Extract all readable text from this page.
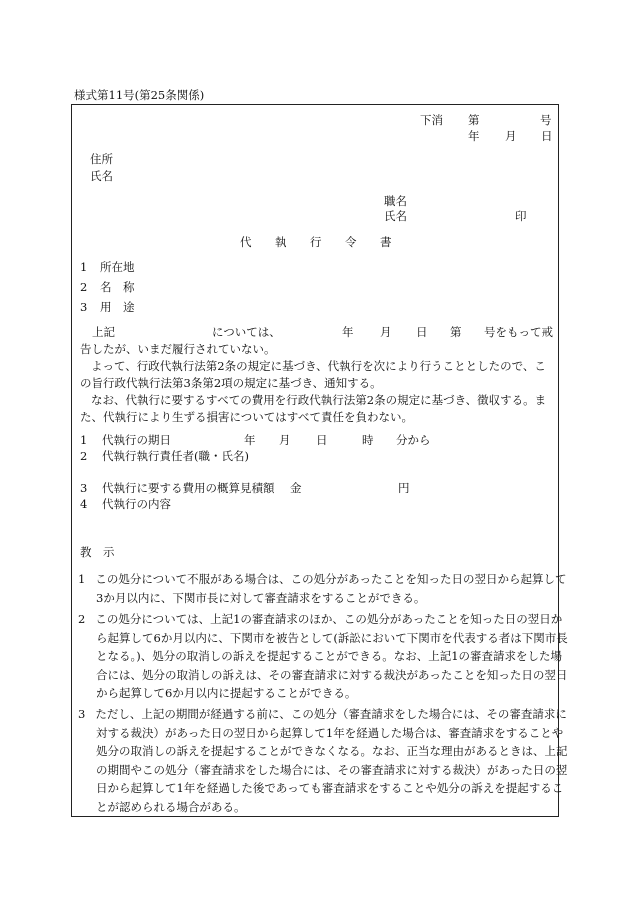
様式第11号(第25条関係)
下消 第	号
年 月 日
住所
氏名
職名
氏名	印
代 執 行 令 書
1 所在地
2 名　称
3 用　途
上記	については、	年 月 日 第 号をもって戒
告したが、いまだ履行されていない。
よって、行政代執行法第2条の規定に基づき、代執行を次により行うこととしたので、この旨行政代執行法第3条第2項の規定に基づき、通知する。
なお、代執行に要するすべての費用を行政代執行法第2条の規定に基づき、徴収する。また、代執行により生ずる損害についてはすべて責任を負わない。
1 代執行の期日	年 月 日	時 分から
2 代執行執行責任者(職・氏名)
3 代執行に要する費用の概算見積額 金	円
4 代執行の内容
教　示
1 この処分について不服がある場合は、この処分があったことを知った日の翌日から起算して3か月以内に、下関市長に対して審査請求をすることができる。
2 この処分については、上記1の審査請求のほか、この処分があったことを知った日の翌日から起算して6か月以内に、下関市を被告として(訴訟において下関市を代表する者は下関市長となる。)、処分の取消しの訴えを提起することができる。なお、上記1の審査請求をした場合には、処分の取消しの訴えは、その審査請求に対する裁決があったことを知った日の翌日から起算して6か月以内に提起することができる。
3 ただし、上記の期間が経過する前に、この処分（審査請求をした場合には、その審査請求に対する裁決）があった日の翌日から起算して1年を経過した場合は、審査請求をすることや処分の取消しの訴えを提起することができなくなる。なお、正当な理由があるときは、上記の期間やこの処分（審査請求をした場合には、その審査請求に対する裁決）があった日の翌日から起算して1年を経過した後であっても審査請求をすることや処分の訴えを提起することが認められる場合がある。
